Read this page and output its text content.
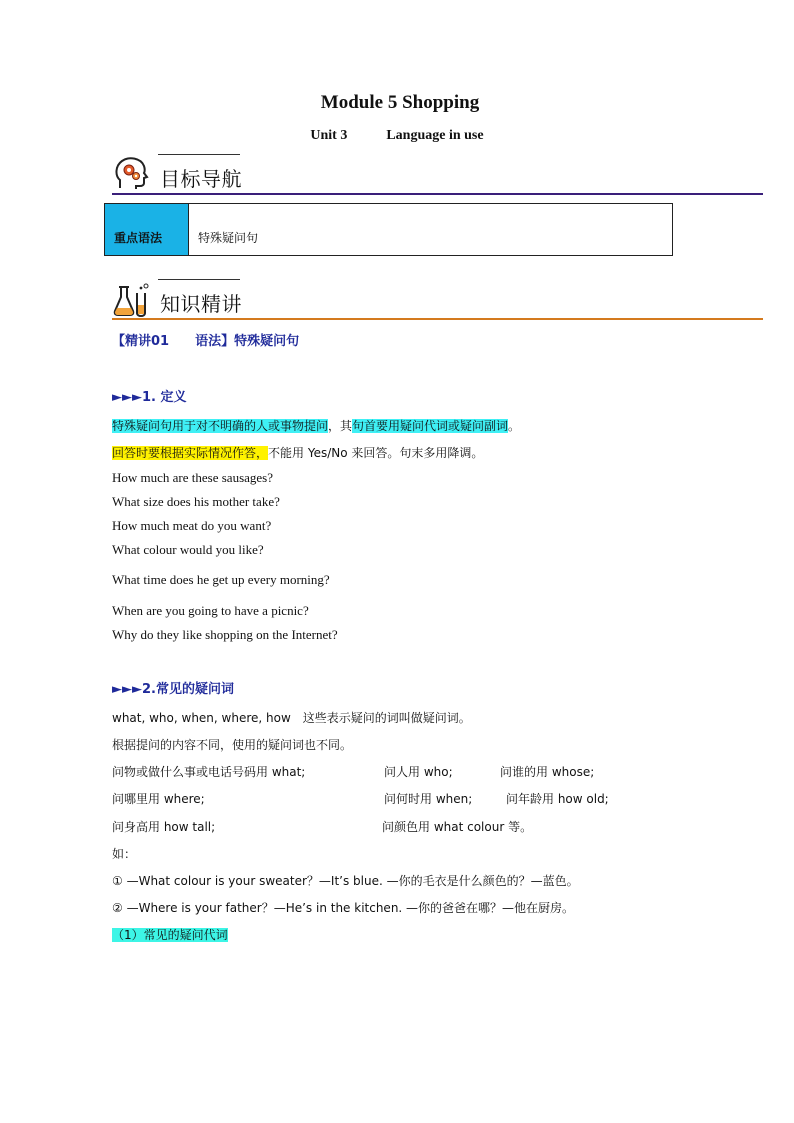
Module 5 Shopping
Unit 3	Language in use
目标导航
重点语法	特殊疑问句
知识精讲
【精讲01　　语法】特殊疑问句
►►►1. 定义
特殊疑问句用于对不明确的人或事物提问，其句首要用疑问代词或疑问副词。
回答时要根据实际情况作答，不能用 Yes/No 来回答。句末多用降调。
How much are these sausages?
What size does his mother take?
How much meat do you want?
What colour would you like?
What time does he get up every morning?
When are you going to have a picnic?
Why do they like shopping on the Internet?
►►►2.常见的疑问词
what, who, when, where, how　这些表示疑问的词叫做疑问词。
根据提问的内容不同，使用的疑问词也不同。
问物或做什么事或电话号码用 what;	问人用 who;	问谁的用 whose;
问哪里用 where;	问何时用 when;	问年龄用 how old;
问身高用 how tall;	问颜色用 what colour 等。
如：
① —What colour is your sweater？—It’s blue. —你的毛衣是什么颜色的？—蓝色。
② —Where is your father？—He’s in the kitchen. —你的爸爸在哪？—他在厨房。
（1）常见的疑问代词
